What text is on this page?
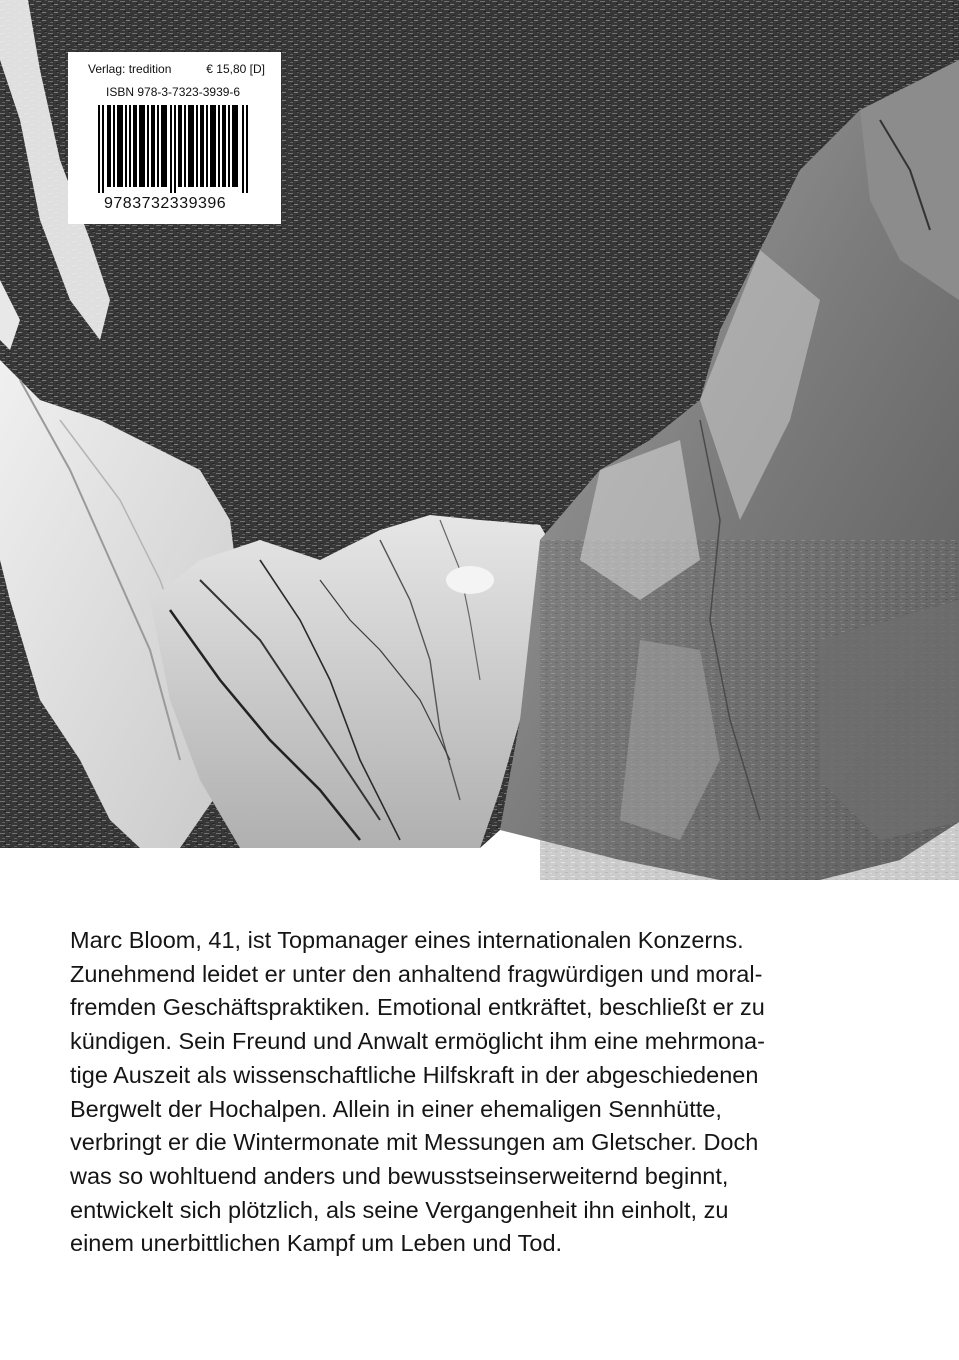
Verlag: tredition	€ 15,80 [D]
ISBN 978-3-7323-3939-6
9783732339396
Marc Bloom, 41, ist Topmanager eines internationalen Konzerns.
Zunehmend leidet er unter den anhaltend fragwürdigen und moral-
fremden Geschäftspraktiken. Emotional entkräftet, beschließt er zu
kündigen. Sein Freund und Anwalt ermöglicht ihm eine mehrmona-
tige Auszeit als wissenschaftliche Hilfskraft in der abgeschiedenen
Bergwelt der Hochalpen. Allein in einer ehemaligen Sennhütte,
verbringt er die Wintermonate mit Messungen am Gletscher. Doch
was so wohltuend anders und bewusstseinserweiternd beginnt,
entwickelt sich plötzlich, als seine Vergangenheit ihn einholt, zu
einem unerbittlichen Kampf um Leben und Tod.
